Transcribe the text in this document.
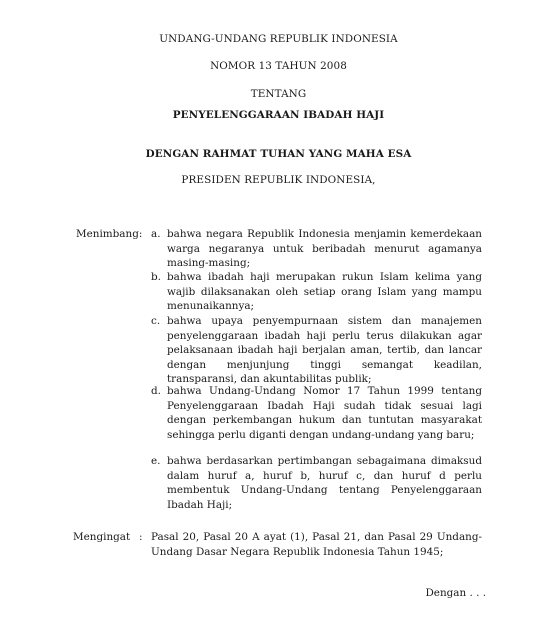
UNDANG-UNDANG REPUBLIK INDONESIA
NOMOR 13 TAHUN 2008
TENTANG
PENYELENGGARAAN IBADAH HAJI
DENGAN RAHMAT TUHAN YANG MAHA ESA
PRESIDEN REPUBLIK INDONESIA,
Menimbang: a. bahwa negara Republik Indonesia menjamin kemerdekaan warga negaranya untuk beribadah menurut agamanya masing-masing;
b. bahwa ibadah haji merupakan rukun Islam kelima yang wajib dilaksanakan oleh setiap orang Islam yang mampu menunaikannya;
c. bahwa upaya penyempurnaan sistem dan manajemen penyelenggaraan ibadah haji perlu terus dilakukan agar pelaksanaan ibadah haji berjalan aman, tertib, dan lancar dengan menjunjung tinggi semangat keadilan, transparansi, dan akuntabilitas publik;
d. bahwa Undang-Undang Nomor 17 Tahun 1999 tentang Penyelenggaraan Ibadah Haji sudah tidak sesuai lagi dengan perkembangan hukum dan tuntutan masyarakat sehingga perlu diganti dengan undang-undang yang baru;
e. bahwa berdasarkan pertimbangan sebagaimana dimaksud dalam huruf a, huruf b, huruf c, dan huruf d perlu membentuk Undang-Undang tentang Penyelenggaraan Ibadah Haji;
Mengingat : Pasal 20, Pasal 20 A ayat (1), Pasal 21, dan Pasal 29 Undang-Undang Dasar Negara Republik Indonesia Tahun 1945;
Dengan . . .
